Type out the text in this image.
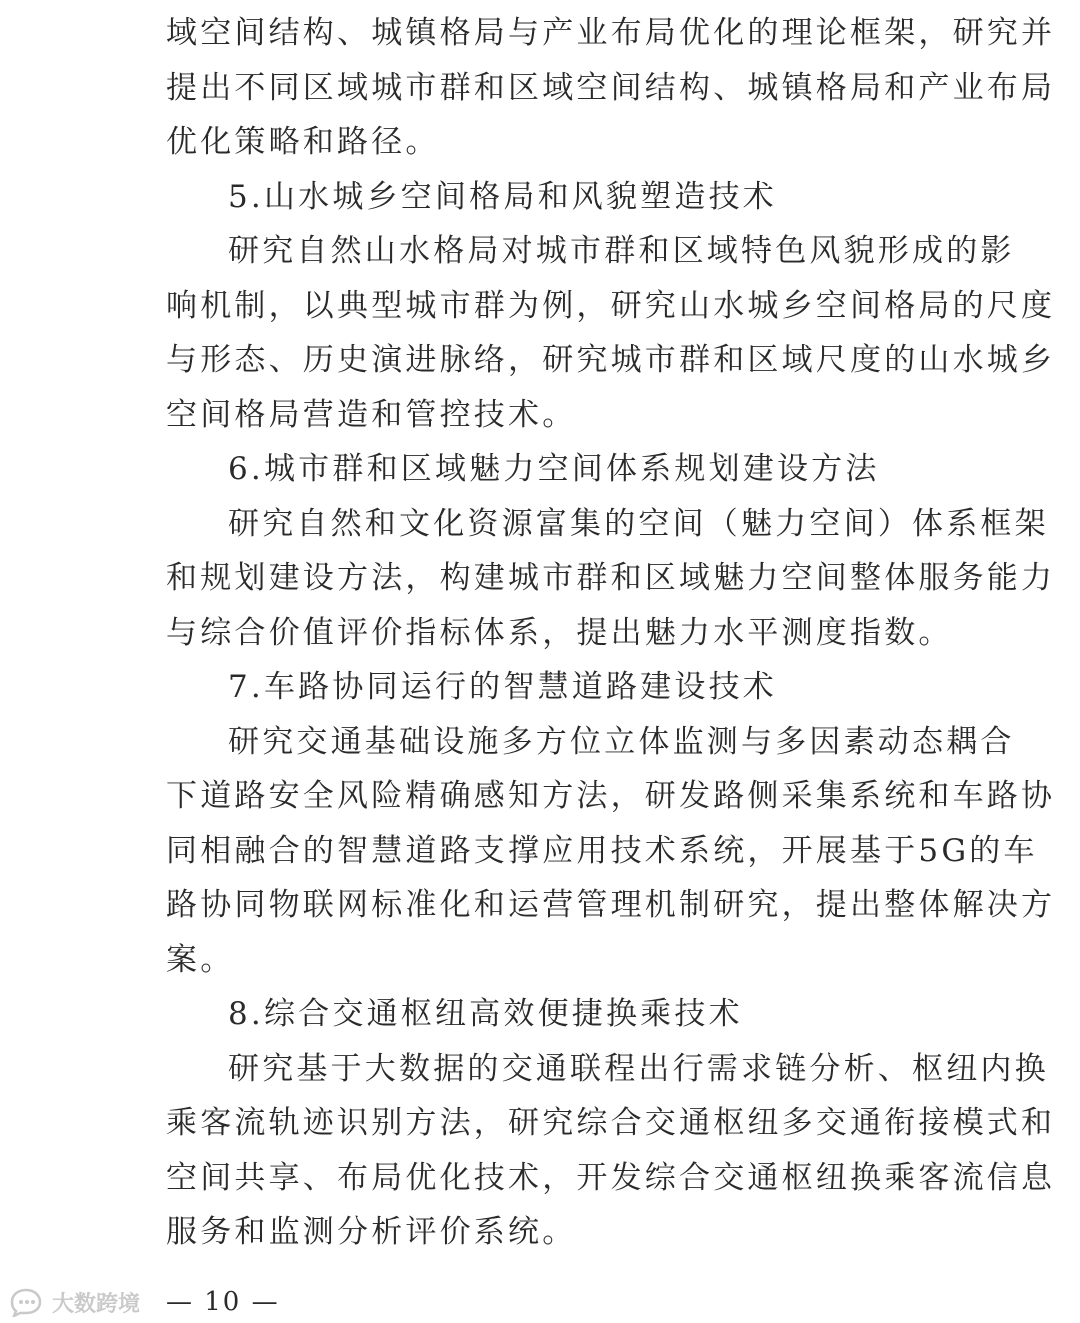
域空间结构、城镇格局与产业布局优化的理论框架，研究并
提出不同区域城市群和区域空间结构、城镇格局和产业布局
优化策略和路径。
5.山水城乡空间格局和风貌塑造技术
研究自然山水格局对城市群和区域特色风貌形成的影
响机制，以典型城市群为例，研究山水城乡空间格局的尺度
与形态、历史演进脉络，研究城市群和区域尺度的山水城乡
空间格局营造和管控技术。
6.城市群和区域魅力空间体系规划建设方法
研究自然和文化资源富集的空间（魅力空间）体系框架
和规划建设方法，构建城市群和区域魅力空间整体服务能力
与综合价值评价指标体系，提出魅力水平测度指数。
7.车路协同运行的智慧道路建设技术
研究交通基础设施多方位立体监测与多因素动态耦合
下道路安全风险精确感知方法，研发路侧采集系统和车路协
同相融合的智慧道路支撑应用技术系统，开展基于5G的车
路协同物联网标准化和运营管理机制研究，提出整体解决方
案。
8.综合交通枢纽高效便捷换乘技术
研究基于大数据的交通联程出行需求链分析、枢纽内换
乘客流轨迹识别方法，研究综合交通枢纽多交通衔接模式和
空间共享、布局优化技术，开发综合交通枢纽换乘客流信息
服务和监测分析评价系统。
大数跨境 — 10 —
